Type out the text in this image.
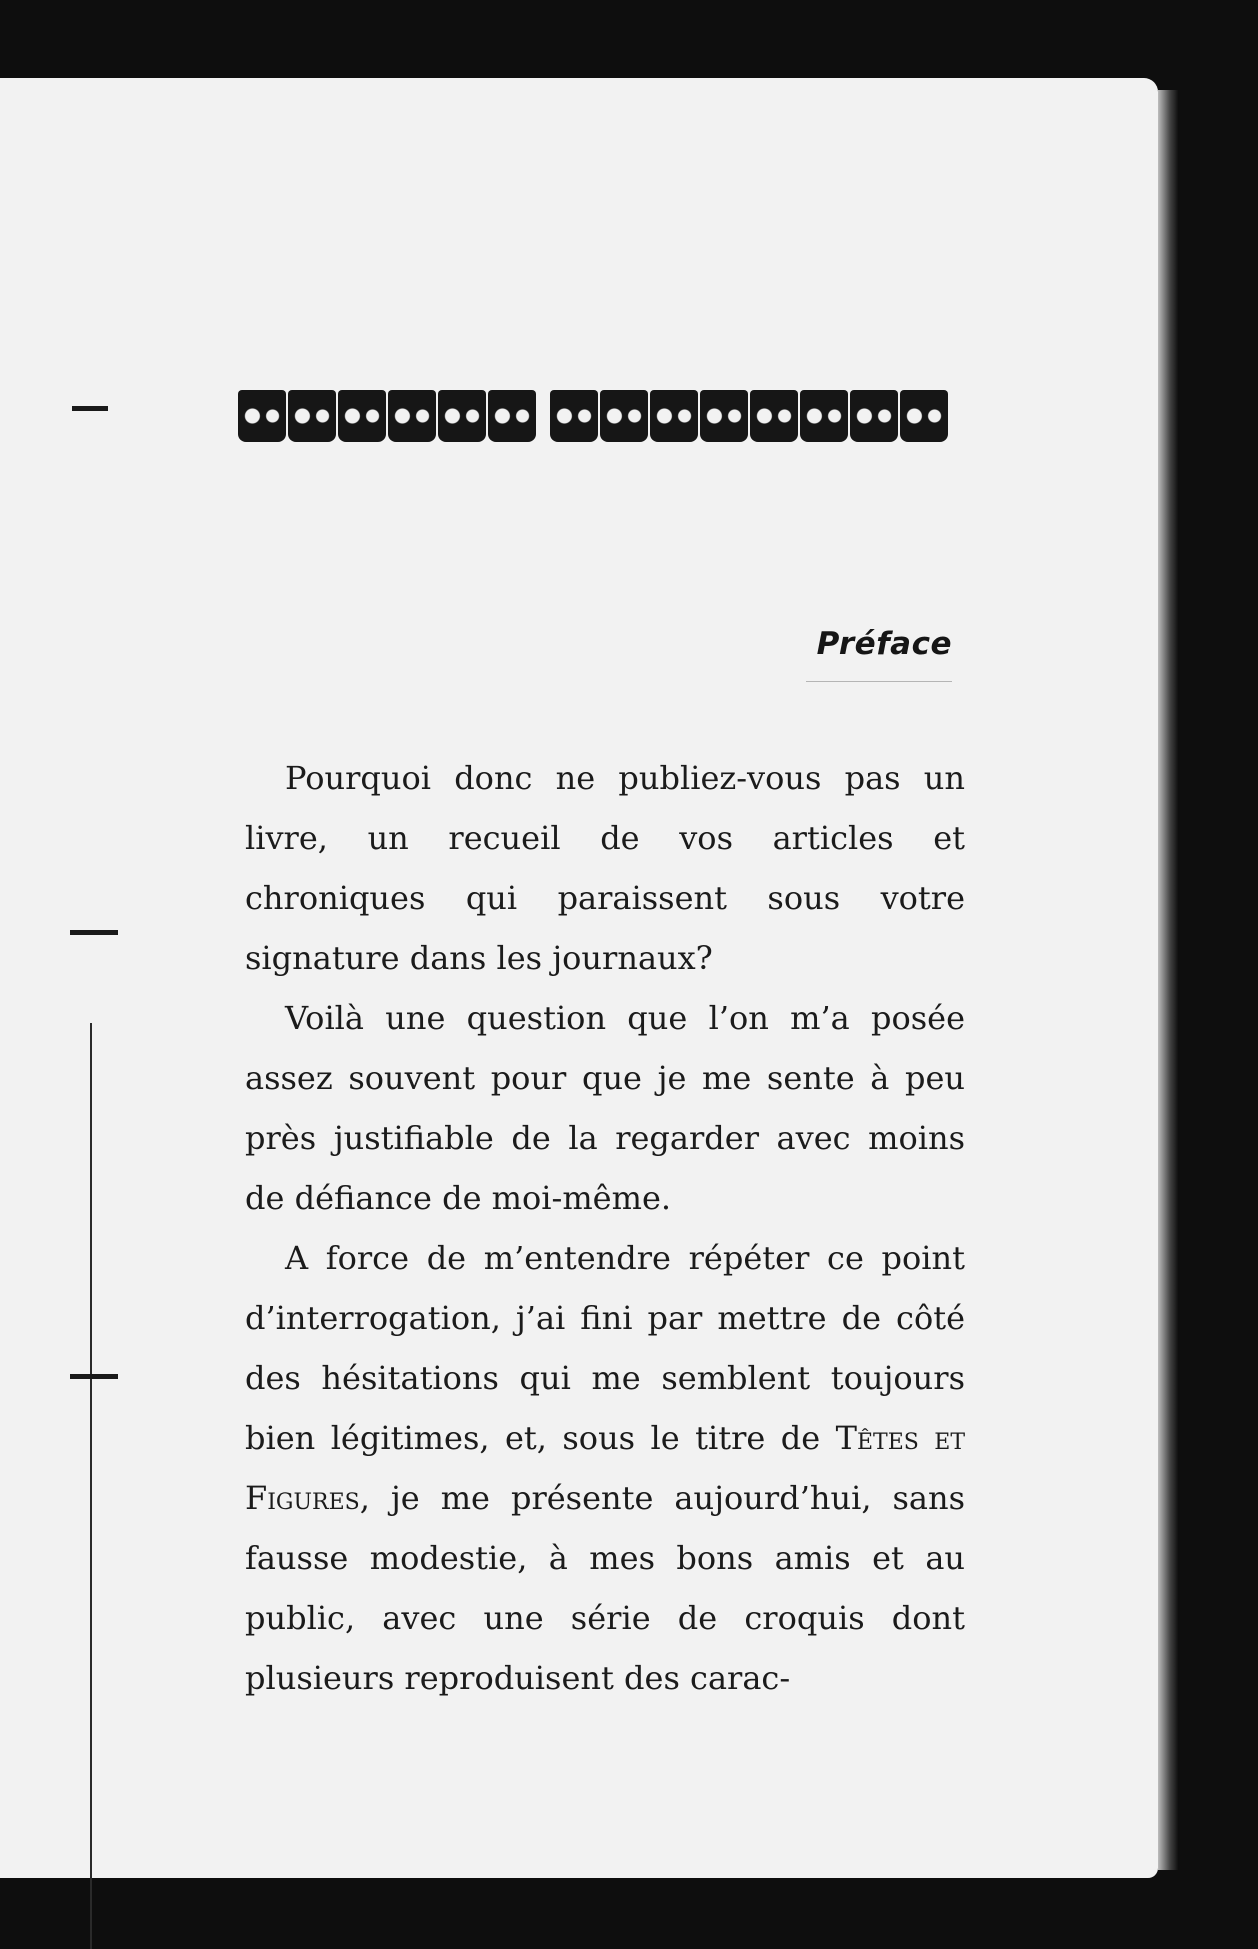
Préface

Pourquoi donc ne publiez-vous pas un livre, un recueil de vos articles et chroniques qui paraissent sous votre signature dans les journaux?

Voilà une question que l’on m’a posée assez souvent pour que je me sente à peu près justifiable de la regarder avec moins de défiance de moi-même.

A force de m’entendre répéter ce point d’interrogation, j’ai fini par mettre de côté des hésitations qui me semblent toujours bien légitimes, et, sous le titre de Têtes et Figures, je me présente aujourd’hui, sans fausse modestie, à mes bons amis et au public, avec une série de croquis dont plusieurs reproduisent des carac-
